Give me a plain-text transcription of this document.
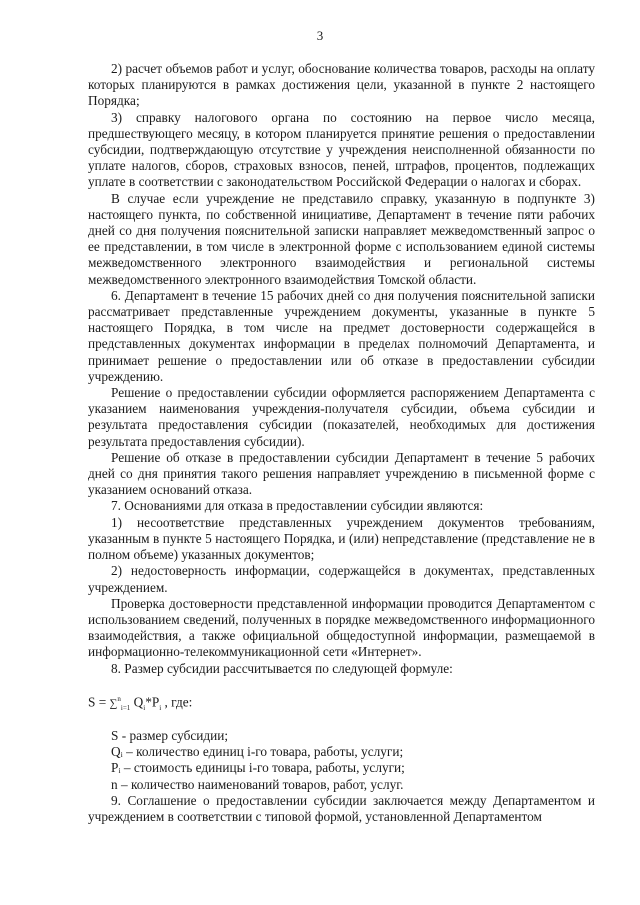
3

2) расчет объемов работ и услуг, обоснование количества товаров, расходы на оплату которых планируются в рамках достижения цели, указанной в пункте 2 настоящего Порядка;

3) справку налогового органа по состоянию на первое число месяца, предшествующего месяцу, в котором планируется принятие решения о предоставлении субсидии, подтверждающую отсутствие у учреждения неисполненной обязанности по уплате налогов, сборов, страховых взносов, пеней, штрафов, процентов, подлежащих уплате в соответствии с законодательством Российской Федерации о налогах и сборах.

В случае если учреждение не представило справку, указанную в подпункте 3) настоящего пункта, по собственной инициативе, Департамент в течение пяти рабочих дней со дня получения пояснительной записки направляет межведомственный запрос о ее представлении, в том числе в электронной форме с использованием единой системы межведомственного электронного взаимодействия и региональной системы межведомственного электронного взаимодействия Томской области.

6. Департамент в течение 15 рабочих дней со дня получения пояснительной записки рассматривает представленные учреждением документы, указанные в пункте 5 настоящего Порядка, в том числе на предмет достоверности содержащейся в представленных документах информации в пределах полномочий Департамента, и принимает решение о предоставлении или об отказе в предоставлении субсидии учреждению.

Решение о предоставлении субсидии оформляется распоряжением Департамента с указанием наименования учреждения-получателя субсидии, объема субсидии и результата предоставления субсидии (показателей, необходимых для достижения результата предоставления субсидии).

Решение об отказе в предоставлении субсидии Департамент в течение 5 рабочих дней со дня принятия такого решения направляет учреждению в письменной форме с указанием оснований отказа.

7. Основаниями для отказа в предоставлении субсидии являются:

1) несоответствие представленных учреждением документов требованиям, указанным в пункте 5 настоящего Порядка, и (или) непредставление (представление не в полном объеме) указанных документов;

2) недостоверность информации, содержащейся в документах, представленных учреждением.

Проверка достоверности представленной информации проводится Департаментом с использованием сведений, полученных в порядке межведомственного информационного взаимодействия, а также официальной общедоступной информации, размещаемой в информационно-телекоммуникационной сети «Интернет».

8. Размер субсидии рассчитывается по следующей формуле:

S = ∑$^n_{i=1}$ $Q_i*P_i$ , где:

S - размер субсидии;

Qᵢ – количество единиц i-го товара, работы, услуги;

Pᵢ – стоимость единицы i-го товара, работы, услуги;

n – количество наименований товаров, работ, услуг.

9. Соглашение о предоставлении субсидии заключается между Департаментом и учреждением в соответствии с типовой формой, установленной Департаментом
